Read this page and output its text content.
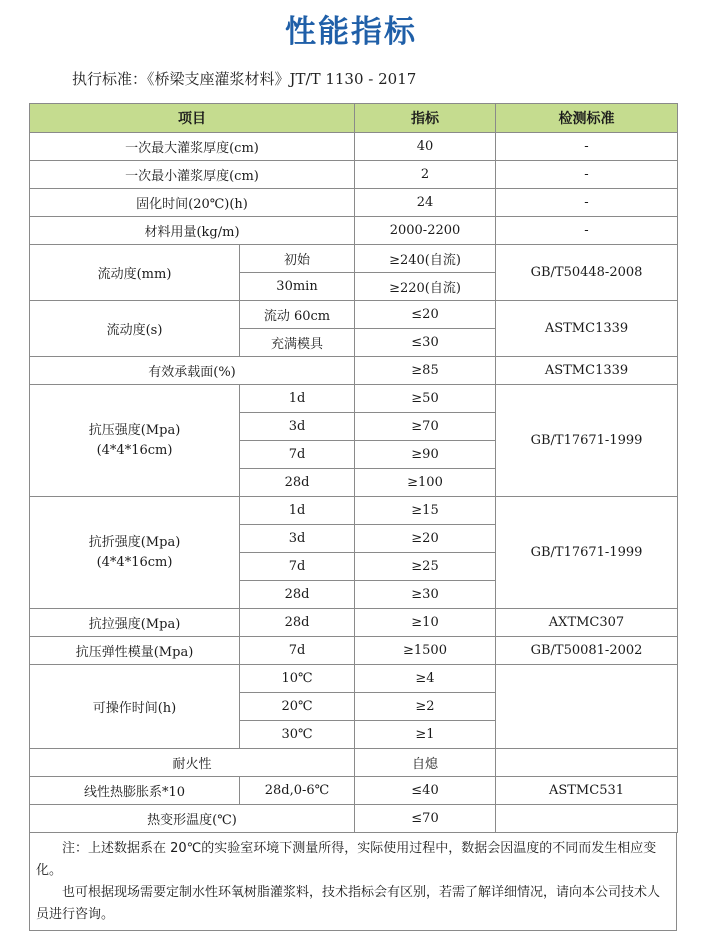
性能指标
执行标准：《桥梁支座灌浆材料》JT/T 1130 - 2017
项目		指标	检测标准
一次最大灌浆厚度(cm)		40	-
一次最小灌浆厚度(cm)		2	-
固化时间(20℃)(h)		24	-
材料用量(kg/m)		2000-2200	-
流动度(mm)	初始	≥240(自流)	GB/T50448-2008
	30min	≥220(自流)	
流动度(s)	流动 60cm	≤20	ASTMC1339
	充满模具	≤30	
有效承载面(%)		≥85	ASTMC1339

抗压强度(Mpa)
(4*4*16cm)	1d	≥50	GB/T17671-1999
	3d	≥70	
	7d	≥90	
	28d	≥100	

抗折强度(Mpa)
(4*4*16cm)	1d	≥15	GB/T17671-1999
	3d	≥20	
	7d	≥25	
	28d	≥30	
抗拉强度(Mpa)	28d	≥10	AXTMC307
抗压弹性模量(Mpa)	7d	≥1500	GB/T50081-2002
可操作时间(h)	10℃	≥4	
	20℃	≥2	
	30℃	≥1	
耐火性		自熄	
线性热膨胀系*10	28d,0-6℃	≤40	ASTMC531
热变形温度(℃)		≤70	

注：上述数据系在 20℃的实验室环境下测量所得，实际使用过程中，数据会因温度的不同而发生相应变化。

也可根据现场需要定制水性环氧树脂灌浆料，技术指标会有区别，若需了解详细情况，请向本公司技术人员进行咨询。
